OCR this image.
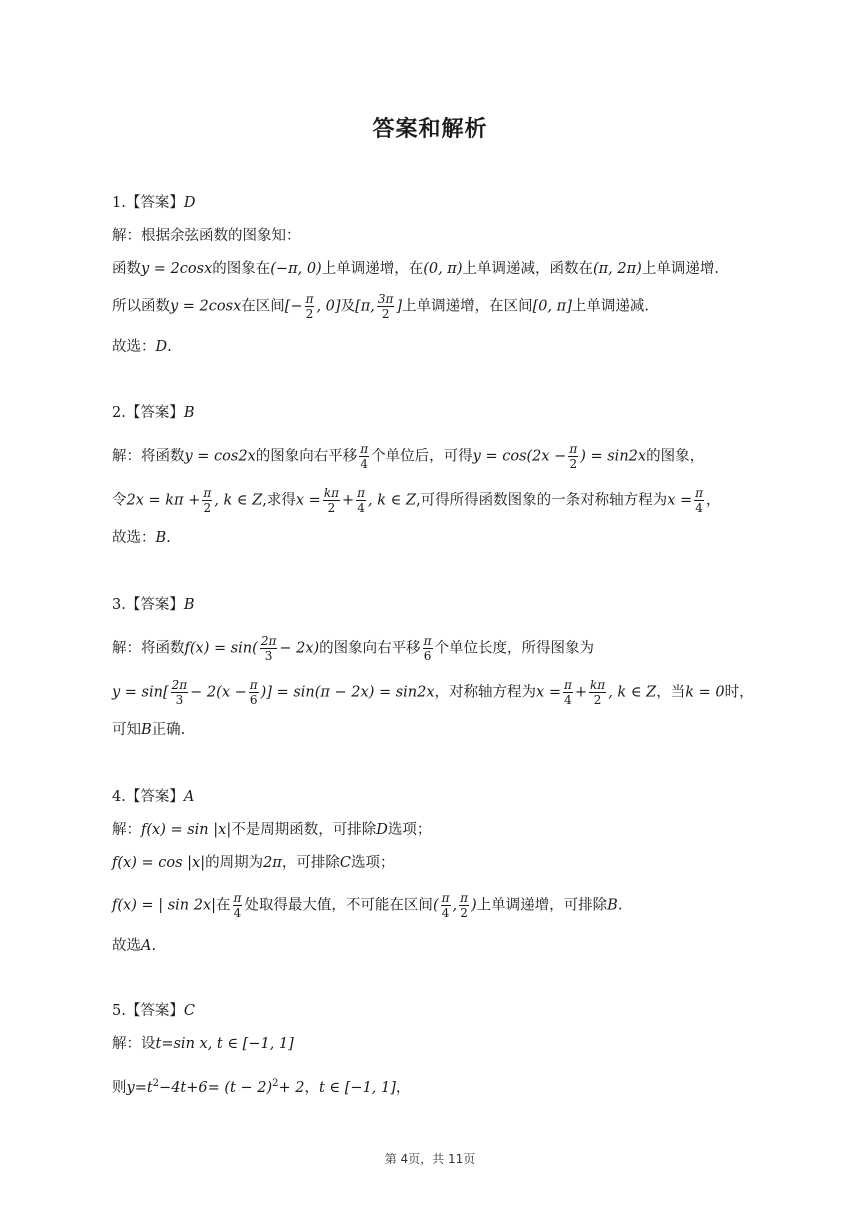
答案和解析
1.【答案】D
解：根据余弦函数的图象知：
函数y = 2cosx的图象在(−π, 0)上单调递增，在(0, π)上单调递减，函数在(π, 2π)上单调递增.
所以函数y = 2cosx在区间[− $\frac{\pi}{2}$ , 0]及[π, $\frac{3\pi}{2}$ ]上单调递增，在区间[0, π]上单调递减.
故选：D.
2.【答案】B
解：将函数y = cos2x的图象向右平移 $\frac{\pi}{4}$ 个单位后，可得$y = \cos(2x - \frac{\pi}{2}$ ) = sin2x的图象，
令$2x = k\pi + \frac{\pi}{2}$ , k ∈ Z,求得$x = \frac{k\pi}{2} + \frac{\pi}{4}$ , k ∈ Z,可得所得函数图象的一条对称轴方程为$x = \frac{\pi}{4}$ ，
故选：B.
3.【答案】B
解：将函数$f(x) = \sin( \frac{2\pi}{3} - 2x)$的图象向右平移 $\frac{\pi}{6}$ 个单位长度，所得图象为
$y = \sin[ \frac{2\pi}{3} - 2(x - \frac{\pi}{6}$ )] = sin(π − 2x) = sin2x，对称轴方程为$x = \frac{\pi}{4} + \frac{k\pi}{2}$ , k ∈ Z，当k = 0时，
可知B正确.
4.【答案】A
解：f(x) = sin |x|不是周期函数，可排除D选项；
f(x) = cos |x|的周期为2π，可排除C选项；
f(x) = | sin 2x|在 $\frac{\pi}{4}$ 处取得最大值，不可能在区间( $\frac{\pi}{4}$ , $\frac{\pi}{2}$ )上单调递增，可排除B.
故选A.
5.【答案】C
解：设t=sin x, t ∈ [−1, 1]
则$y=t^2-4t+6= (t - 2)^2+ 2$，t ∈ [−1, 1]，
第 4页，共 11页
